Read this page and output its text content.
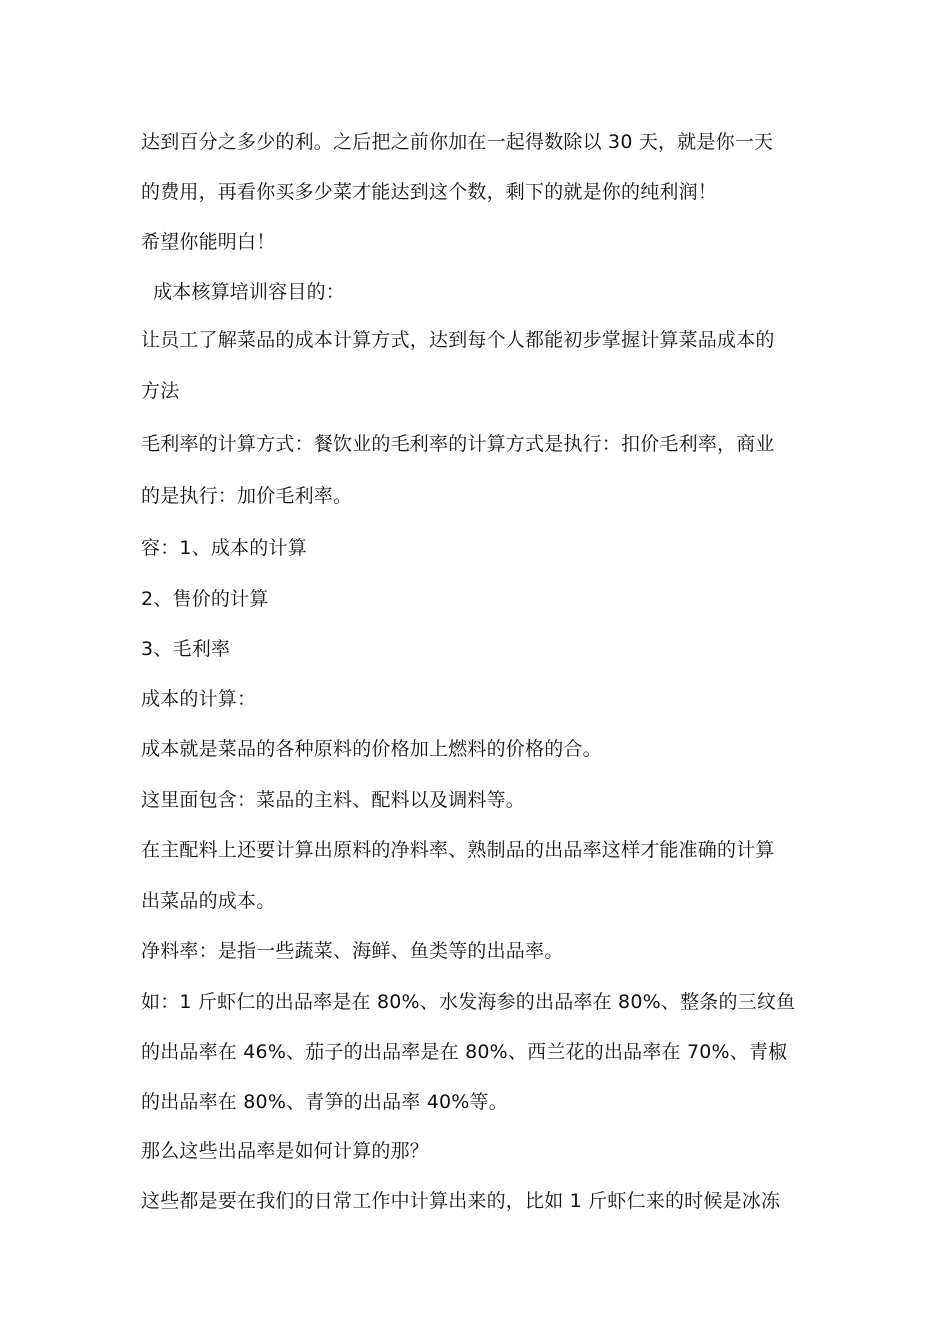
达到百分之多少的利。之后把之前你加在一起得数除以 30 天，就是你一天
的费用，再看你买多少菜才能达到这个数，剩下的就是你的纯利润！
希望你能明白！
成本核算培训容目的：
让员工了解菜品的成本计算方式，达到每个人都能初步掌握计算菜品成本的
方法
毛利率的计算方式：餐饮业的毛利率的计算方式是执行：扣价毛利率，商业
的是执行：加价毛利率。
容：1、成本的计算
2、售价的计算
3、毛利率
成本的计算：
成本就是菜品的各种原料的价格加上燃料的价格的合。
这里面包含：菜品的主料、配料以及调料等。
在主配料上还要计算出原料的净料率、熟制品的出品率这样才能准确的计算
出菜品的成本。
净料率：是指一些蔬菜、海鲜、鱼类等的出品率。
如：1 斤虾仁的出品率是在 80%、水发海参的出品率在 80%、整条的三纹鱼
的出品率在 46%、茄子的出品率是在 80%、西兰花的出品率在 70%、青椒
的出品率在 80%、青笋的出品率 40%等。
那么这些出品率是如何计算的那？
这些都是要在我们的日常工作中计算出来的，比如 1 斤虾仁来的时候是冰冻
